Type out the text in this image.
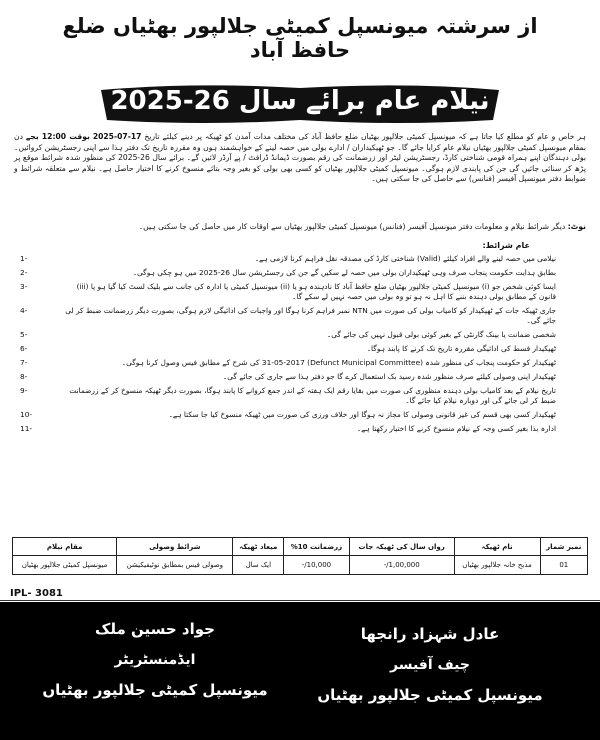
از سرشتہ میونسپل کمیٹی جلالپور بھٹیاں ضلع حافظ آباد
نیلام عام برائے سال 26-2025
ہر خاص و عام کو مطلع کیا جاتا ہے کہ میونسپل کمیٹی جلالپور بھٹیاں ضلع حافظ آباد کی مختلف مدات آمدن کو ٹھیکہ پر دینے کیلئے تاریخ 17-07-2025 بوقت 12:00 بجے دن بمقام میونسپل کمیٹی جلالپور بھٹیاں نیلام عام کرایا جائے گا۔ جو ٹھیکیداران / ادارے بولی میں حصہ لینے کے خواہشمند ہوں وہ مقررہ تاریخ تک دفتر ہذا سے اپنی رجسٹریشن کروائیں۔ بولی دہندگان اپنے ہمراہ قومی شناختی کارڈ، رجسٹریشن لیٹر اور زرضمانت کی رقم بصورت ڈیمانڈ ڈرافٹ / پے آرڈر لائیں گے۔ برائے سال 26-2025 کی منظور شدہ شرائط موقع پر پڑھ کر سنائی جائیں گی جن کی پابندی لازم ہوگی۔ میونسپل کمیٹی جلالپور بھٹیاں کو کسی بھی بولی کو بغیر وجہ بتائے منسوخ کرنے کا اختیار حاصل ہے۔ نیلام سے متعلقہ شرائط و ضوابط دفتر میونسپل آفیسر (فنانس) سے حاصل کی جا سکتی ہیں۔
نوٹ: دیگر شرائط نیلام و معلومات دفتر میونسپل آفیسر (فنانس) میونسپل کمیٹی جلالپور بھٹیاں سے اوقات کار میں حاصل کی جا سکتی ہیں۔
عام شرائط:
1-	نیلامی میں حصہ لینے والے افراد کیلئے (Valid) شناختی کارڈ کی مصدقہ نقل فراہم کرنا لازمی ہے۔
2-	بطابق ہدایت حکومت پنجاب صرف وہی ٹھیکیداران بولی میں حصہ لے سکیں گے جن کی رجسٹریشن سال 26-2025 میں ہو چکی ہوگی۔
3-	ایسا کوئی شخص جو (i) میونسپل کمیٹی جلالپور بھٹیاں ضلع حافظ آباد کا نادہندہ ہو یا (ii) میونسپل کمیٹی یا ادارہ کی جانب سے بلیک لسٹ کیا گیا ہو یا (iii) قانون کے مطابق بولی دہندہ بننے کا اہل نہ ہو تو وہ بولی میں حصہ نہیں لے سکے گا۔
4-	جاری ٹھیکہ جات کے ٹھیکیدار کو کامیاب بولی کی صورت میں NTN نمبر فراہم کرنا ہوگا اور واجبات کی ادائیگی لازم ہوگی، بصورت دیگر زرضمانت ضبط کر لی جائے گی۔
5-	شخصی ضمانت یا بینک گارنٹی کے بغیر کوئی بولی قبول نہیں کی جائے گی۔
6-	ٹھیکیدار قسط کی ادائیگی مقررہ تاریخ تک کرنے کا پابند ہوگا۔
7-	ٹھیکیدار کو حکومت پنجاب کی منظور شدہ (Defunct Municipal Committee) 31-05-2017 کی شرح کے مطابق فیس وصول کرنا ہوگی۔
8-	ٹھیکیدار اپنی وصولی کیلئے صرف منظور شدہ رسید بک استعمال کرے گا جو دفتر ہذا سے جاری کی جائے گی۔
9-	تاریخ نیلام کے بعد کامیاب بولی دہندہ منظوری کی صورت میں بقایا رقم ایک ہفتہ کے اندر جمع کروانے کا پابند ہوگا، بصورت دیگر ٹھیکہ منسوخ کر کے زرضمانت ضبط کر لی جائے گی اور دوبارہ نیلام کیا جائے گا۔
10-	ٹھیکیدار کسی بھی قسم کی غیر قانونی وصولی کا مجاز نہ ہوگا اور خلاف ورزی کی صورت میں ٹھیکہ منسوخ کیا جا سکتا ہے۔
11-	ادارہ بذا بغیر کسی وجہ کے نیلام منسوخ کرنے کا اختیار رکھتا ہے۔
نمبر شمار	نام ٹھیکہ	رواں سال کی ٹھیکہ جات	زرضمانت 10%	میعاد ٹھیکہ	شرائط وصولی	مقام نیلام
01	مذبح خانہ جلالپور بھٹیاں	1,00,000/-	10,000/-	ایک سال	وصولی فیس بمطابق نوٹیفیکیشن	میونسپل کمیٹی جلالپور بھٹیاں
IPL- 3081
عادل شہزاد رانجھا
چیف آفیسر
میونسپل کمیٹی جلالپور بھٹیاں
جواد حسین ملک
ایڈمنسٹریٹر
میونسپل کمیٹی جلالپور بھٹیاں
